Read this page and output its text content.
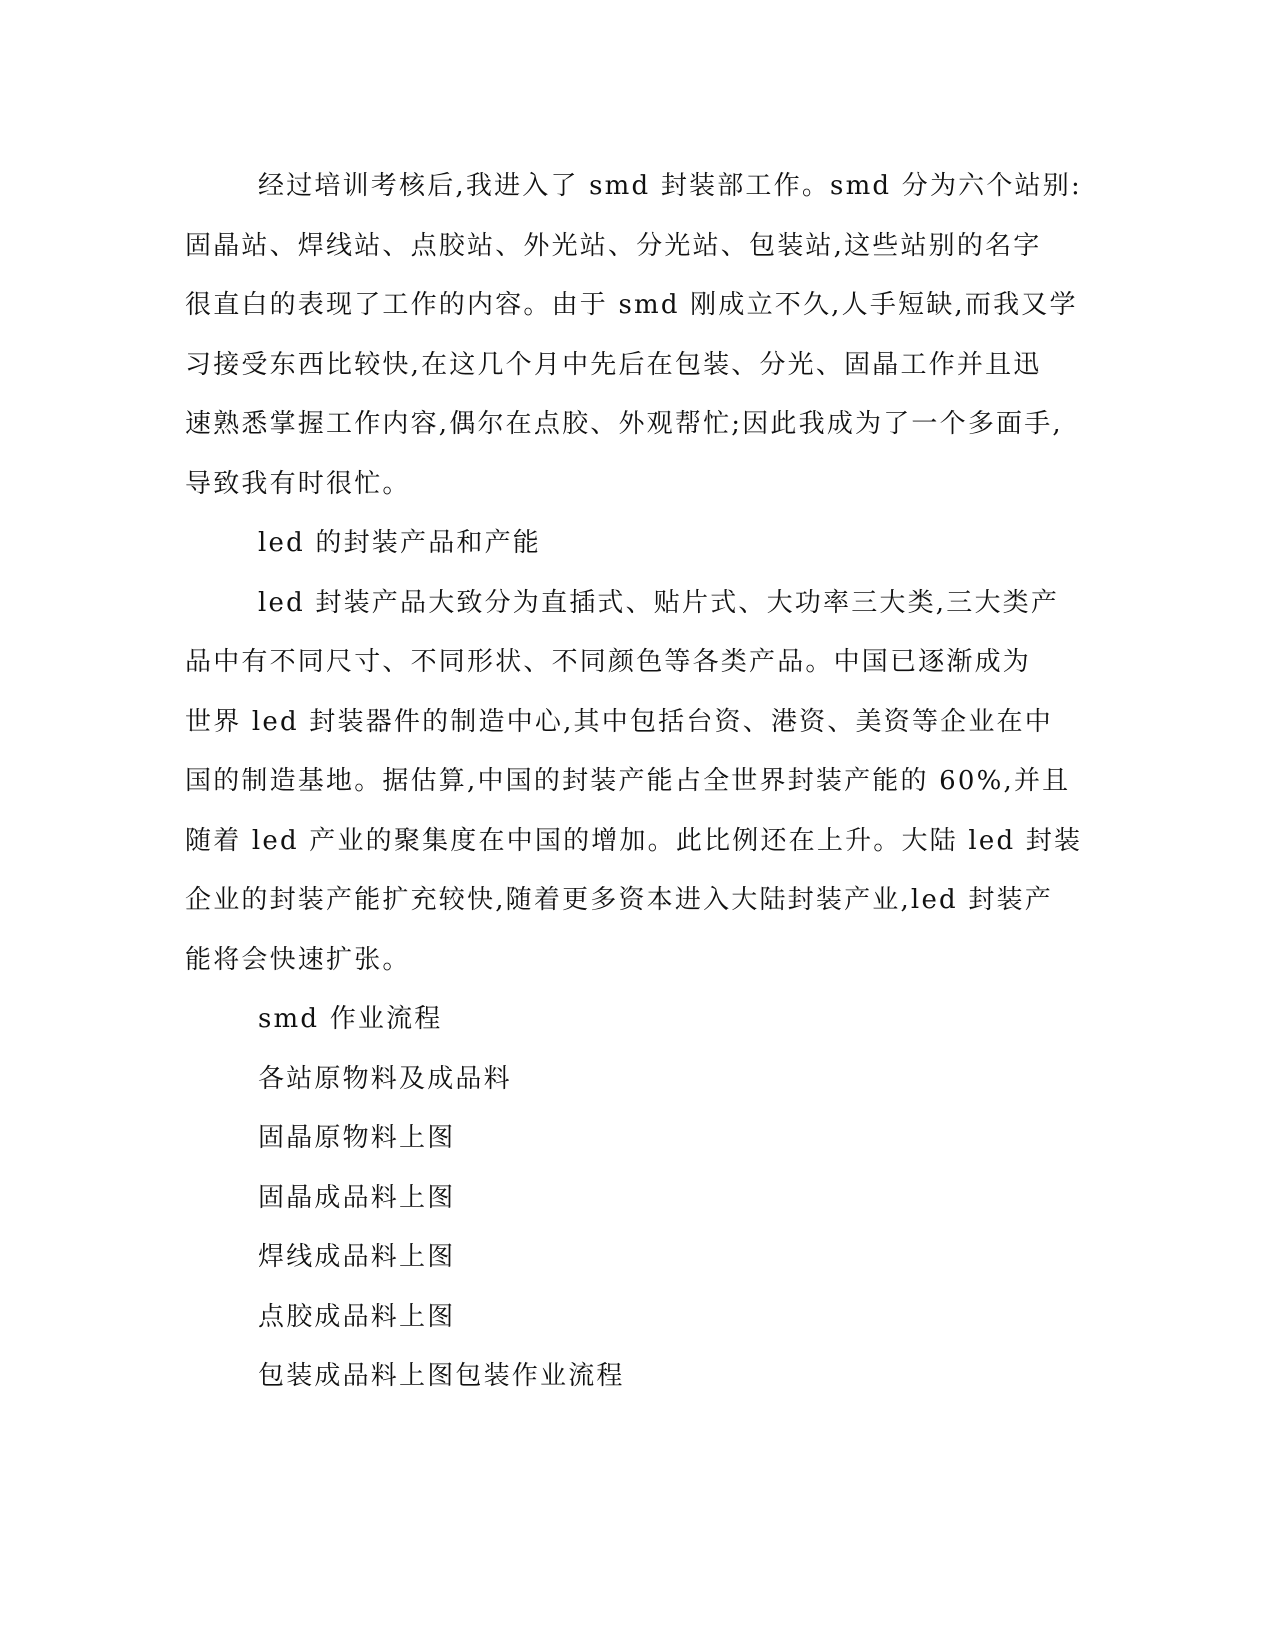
经过培训考核后,我进入了 smd 封装部工作。smd 分为六个站别:
固晶站、焊线站、点胶站、外光站、分光站、包装站,这些站别的名字
很直白的表现了工作的内容。由于 smd 刚成立不久,人手短缺,而我又学
习接受东西比较快,在这几个月中先后在包装、分光、固晶工作并且迅
速熟悉掌握工作内容,偶尔在点胶、外观帮忙;因此我成为了一个多面手,
导致我有时很忙。
led 的封装产品和产能
led 封装产品大致分为直插式、贴片式、大功率三大类,三大类产
品中有不同尺寸、不同形状、不同颜色等各类产品。中国已逐渐成为
世界 led 封装器件的制造中心,其中包括台资、港资、美资等企业在中
国的制造基地。据估算,中国的封装产能占全世界封装产能的 60%,并且
随着 led 产业的聚集度在中国的增加。此比例还在上升。大陆 led 封装
企业的封装产能扩充较快,随着更多资本进入大陆封装产业,led 封装产
能将会快速扩张。
smd 作业流程
各站原物料及成品料
固晶原物料上图
固晶成品料上图
焊线成品料上图
点胶成品料上图
包装成品料上图包装作业流程
